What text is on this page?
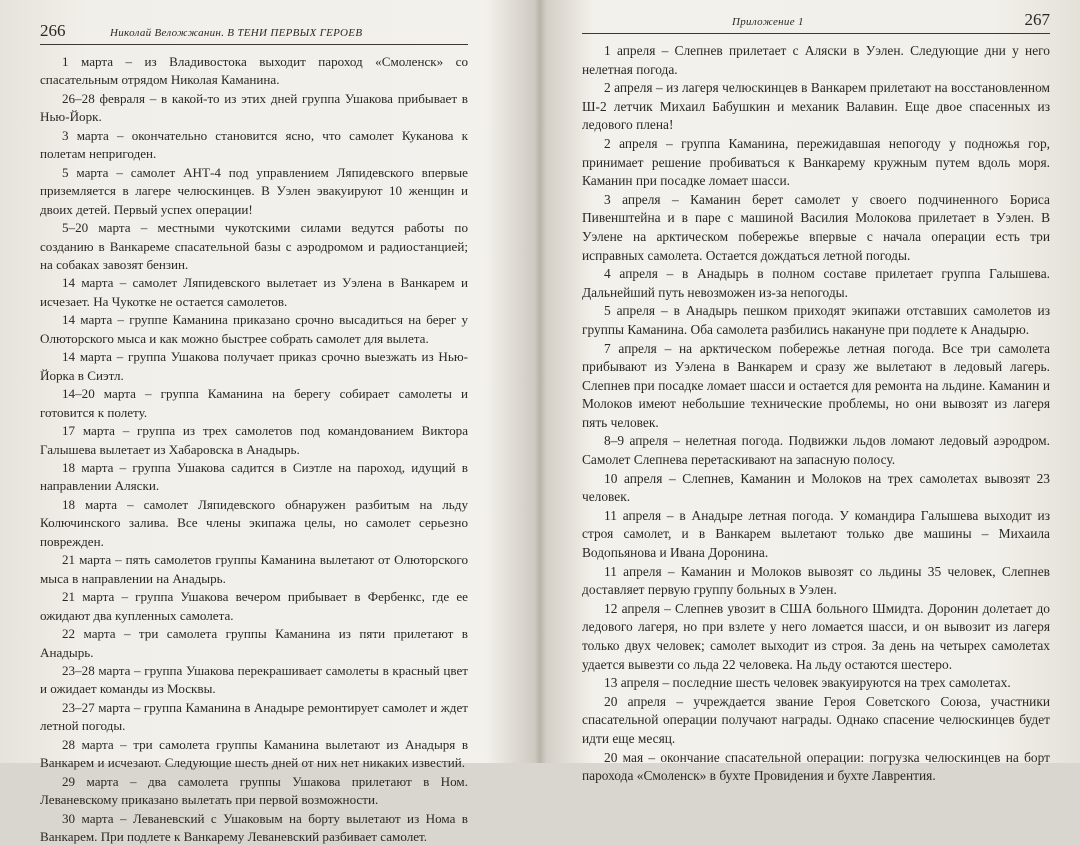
266	Николай Веложжанин. В ТЕНИ ПЕРВЫХ ГЕРОЕВ

1 марта – из Владивостока выходит пароход «Смоленск» со спасательным отрядом Николая Каманина.

26–28 февраля – в какой-то из этих дней группа Ушакова прибывает в Нью-Йорк.

3 марта – окончательно становится ясно, что самолет Куканова к полетам непригоден.

5 марта – самолет АНТ-4 под управлением Ляпидевского впервые приземляется в лагере челюскинцев. В Уэлен эвакуируют 10 женщин и двоих детей. Первый успех операции!

5–20 марта – местными чукотскими силами ведутся работы по созданию в Ванкареме спасательной базы с аэродромом и радиостанцией; на собаках завозят бензин.

14 марта – самолет Ляпидевского вылетает из Уэлена в Ванкарем и исчезает. На Чукотке не остается самолетов.

14 марта – группе Каманина приказано срочно высадиться на берег у Олюторского мыса и как можно быстрее собрать самолет для вылета.

14 марта – группа Ушакова получает приказ срочно выезжать из Нью-Йорка в Сиэтл.

14–20 марта – группа Каманина на берегу собирает самолеты и готовится к полету.

17 марта – группа из трех самолетов под командованием Виктора Галышева вылетает из Хабаровска в Анадырь.

18 марта – группа Ушакова садится в Сиэтле на пароход, идущий в направлении Аляски.

18 марта – самолет Ляпидевского обнаружен разбитым на льду Колючинского залива. Все члены экипажа целы, но самолет серьезно поврежден.

21 марта – пять самолетов группы Каманина вылетают от Олюторского мыса в направлении на Анадырь.

21 марта – группа Ушакова вечером прибывает в Фербенкс, где ее ожидают два купленных самолета.

22 марта – три самолета группы Каманина из пяти прилетают в Анадырь.

23–28 марта – группа Ушакова перекрашивает самолеты в красный цвет и ожидает команды из Москвы.

23–27 марта – группа Каманина в Анадыре ремонтирует самолет и ждет летной погоды.

28 марта – три самолета группы Каманина вылетают из Анадыря в Ванкарем и исчезают. Следующие шесть дней от них нет никаких известий.

29 марта – два самолета группы Ушакова прилетают в Ном. Леваневскому приказано вылетать при первой возможности.

30 марта – Леваневский с Ушаковым на борту вылетают из Нома в Ванкарем. При подлете к Ванкарему Леваневский разбивает самолет.

Приложение 1	267

1 апреля – Слепнев прилетает с Аляски в Уэлен. Следующие дни у него нелетная погода.

2 апреля – из лагеря челюскинцев в Ванкарем прилетают на восстановленном Ш-2 летчик Михаил Бабушкин и механик Валавин. Еще двое спасенных из ледового плена!

2 апреля – группа Каманина, пережидавшая непогоду у подножья гор, принимает решение пробиваться к Ванкарему кружным путем вдоль моря. Каманин при посадке ломает шасси.

3 апреля – Каманин берет самолет у своего подчиненного Бориса Пивенштейна и в паре с машиной Василия Молокова прилетает в Уэлен. В Уэлене на арктическом побережье впервые с начала операции есть три исправных самолета. Остается дождаться летной погоды.

4 апреля – в Анадырь в полном составе прилетает группа Галышева. Дальнейший путь невозможен из-за непогоды.

5 апреля – в Анадырь пешком приходят экипажи отставших самолетов из группы Каманина. Оба самолета разбились накануне при подлете к Анадырю.

7 апреля – на арктическом побережье летная погода. Все три самолета прибывают из Уэлена в Ванкарем и сразу же вылетают в ледовый лагерь. Слепнев при посадке ломает шасси и остается для ремонта на льдине. Каманин и Молоков имеют небольшие технические проблемы, но они вывозят из лагеря пять человек.

8–9 апреля – нелетная погода. Подвижки льдов ломают ледовый аэродром. Самолет Слепнева перетаскивают на запасную полосу.

10 апреля – Слепнев, Каманин и Молоков на трех самолетах вывозят 23 человек.

11 апреля – в Анадыре летная погода. У командира Галышева выходит из строя самолет, и в Ванкарем вылетают только две машины – Михаила Водопьянова и Ивана Доронина.

11 апреля – Каманин и Молоков вывозят со льдины 35 человек, Слепнев доставляет первую группу больных в Уэлен.

12 апреля – Слепнев увозит в США больного Шмидта. Доронин долетает до ледового лагеря, но при взлете у него ломается шасси, и он вывозит из лагеря только двух человек; самолет выходит из строя. За день на четырех самолетах удается вывезти со льда 22 человека. На льду остаются шестеро.

13 апреля – последние шесть человек эвакуируются на трех самолетах.

20 апреля – учреждается звание Героя Советского Союза, участники спасательной операции получают награды. Однако спасение челюскинцев будет идти еще месяц.

20 мая – окончание спасательной операции: погрузка челюскинцев на борт парохода «Смоленск» в бухте Провидения и бухте Лаврентия.
